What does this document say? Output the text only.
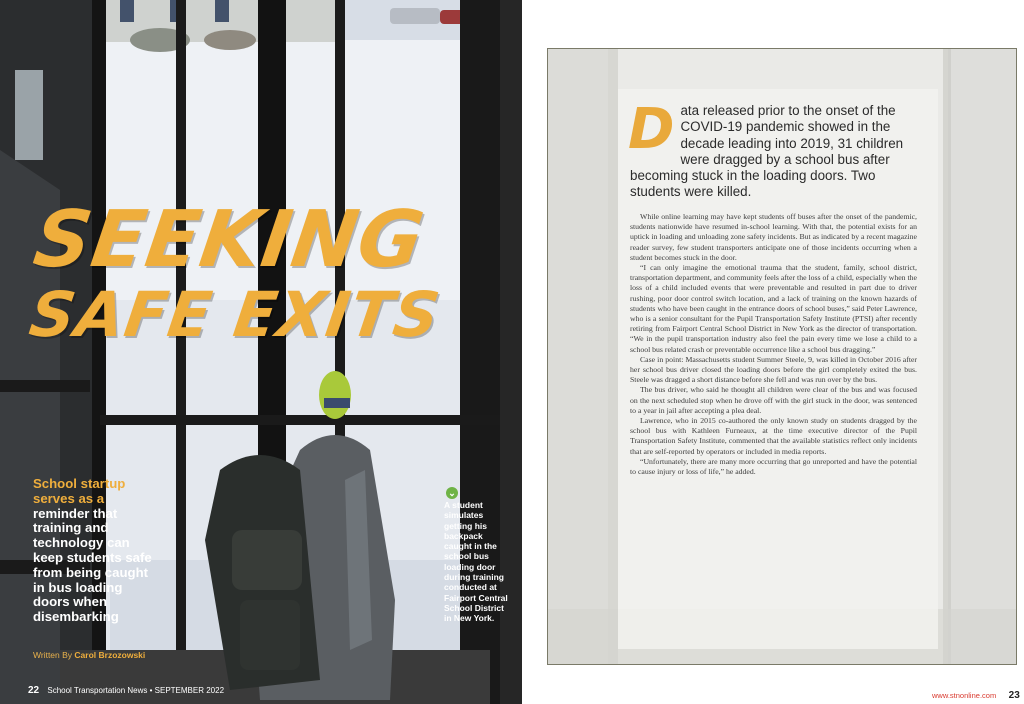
SEEKING
SAFE EXITS
School startup serves as a reminder that training and technology can keep students safe from being caught in bus loading doors when disembarking
Written By Carol Brzozowski
⌄
A student simulates getting his backpack caught in the school bus loading door during training conducted at Fairport Central School District in New York.
22 School Transportation News • SEPTEMBER 2022
D ata released prior to the onset of the COVID-19 pandemic showed in the decade leading into 2019, 31 children were dragged by a school bus after becoming stuck in the loading doors. Two students were killed.

While online learning may have kept students off buses after the onset of the pandemic, students nationwide have resumed in-school learning. With that, the potential exists for an uptick in loading and unloading zone safety incidents. But as indicated by a recent magazine reader survey, few student transporters anticipate one of those incidents occurring when a student becomes stuck in the door.

“I can only imagine the emotional trauma that the student, family, school district, transportation department, and community feels after the loss of a child, especially when the loss of a child included events that were preventable and resulted in part due to driver rushing, poor door control switch location, and a lack of training on the known hazards of students who have been caught in the entrance doors of school buses,” said Peter Lawrence, who is a senior consultant for the Pupil Transportation Safety Institute (PTSI) after recently retiring from Fairport Central School District in New York as the director of transportation. “We in the pupil transportation industry also feel the pain every time we lose a child to a school bus related crash or preventable occurrence like a school bus dragging.”

Case in point: Massachusetts student Summer Steele, 9, was killed in October 2016 after her school bus driver closed the loading doors before the girl completely exited the bus. Steele was dragged a short distance before she fell and was run over by the bus.

The bus driver, who said he thought all children were clear of the bus and was focused on the next scheduled stop when he drove off with the girl stuck in the door, was sentenced to a year in jail after accepting a plea deal.

Lawrence, who in 2015 co-authored the only known study on students dragged by the school bus with Kathleen Furneaux, at the time executive director of the Pupil Transportation Safety Institute, commented that the available statistics reflect only incidents that are self-reported by operators or included in media reports.

“Unfortunately, there are many more occurring that go unreported and have the potential to cause injury or loss of life,” he added.

www.stnonline.com 23
